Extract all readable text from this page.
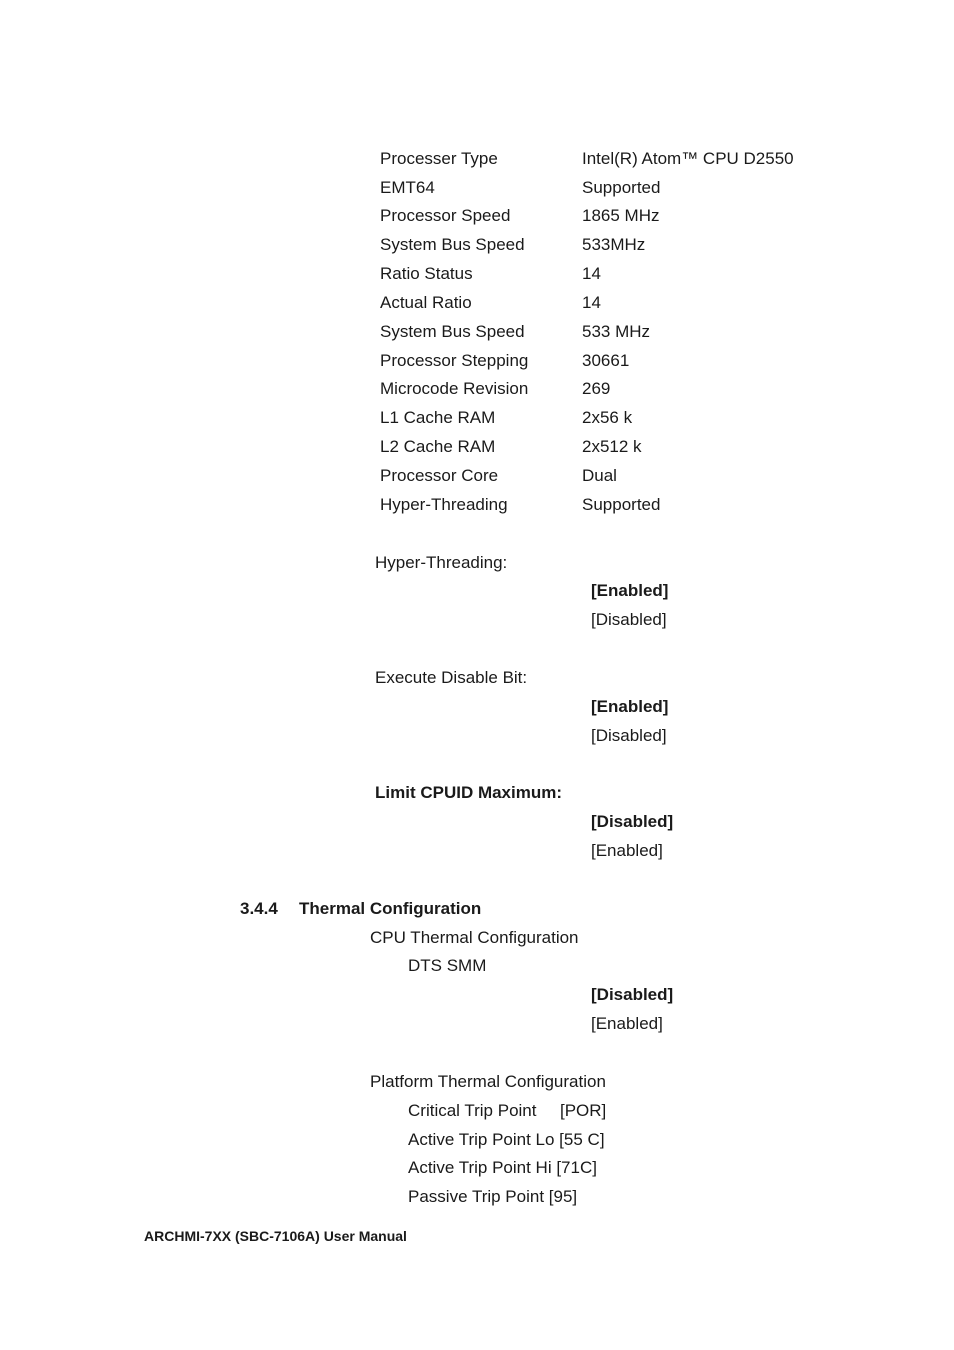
Processer Type	Intel(R) Atom™ CPU D2550
EMT64	Supported
Processor Speed	1865 MHz
System Bus Speed	533MHz
Ratio Status	14
Actual Ratio	14
System Bus Speed	533 MHz
Processor Stepping	30661
Microcode Revision	269
L1 Cache RAM	2x56 k
L2 Cache RAM	2x512 k
Processor Core	Dual
Hyper-Threading	Supported
Hyper-Threading:
[Enabled]
[Disabled]
Execute Disable Bit:
[Enabled]
[Disabled]
Limit CPUID Maximum:
[Disabled]
[Enabled]
3.4.4 Thermal Configuration
CPU Thermal Configuration
DTS SMM
[Disabled]
[Enabled]
Platform Thermal Configuration
Critical Trip Point [POR]
Active Trip Point Lo [55 C]
Active Trip Point Hi [71C]
Passive Trip Point [95]
ARCHMI-7XX (SBC-7106A) User Manual
